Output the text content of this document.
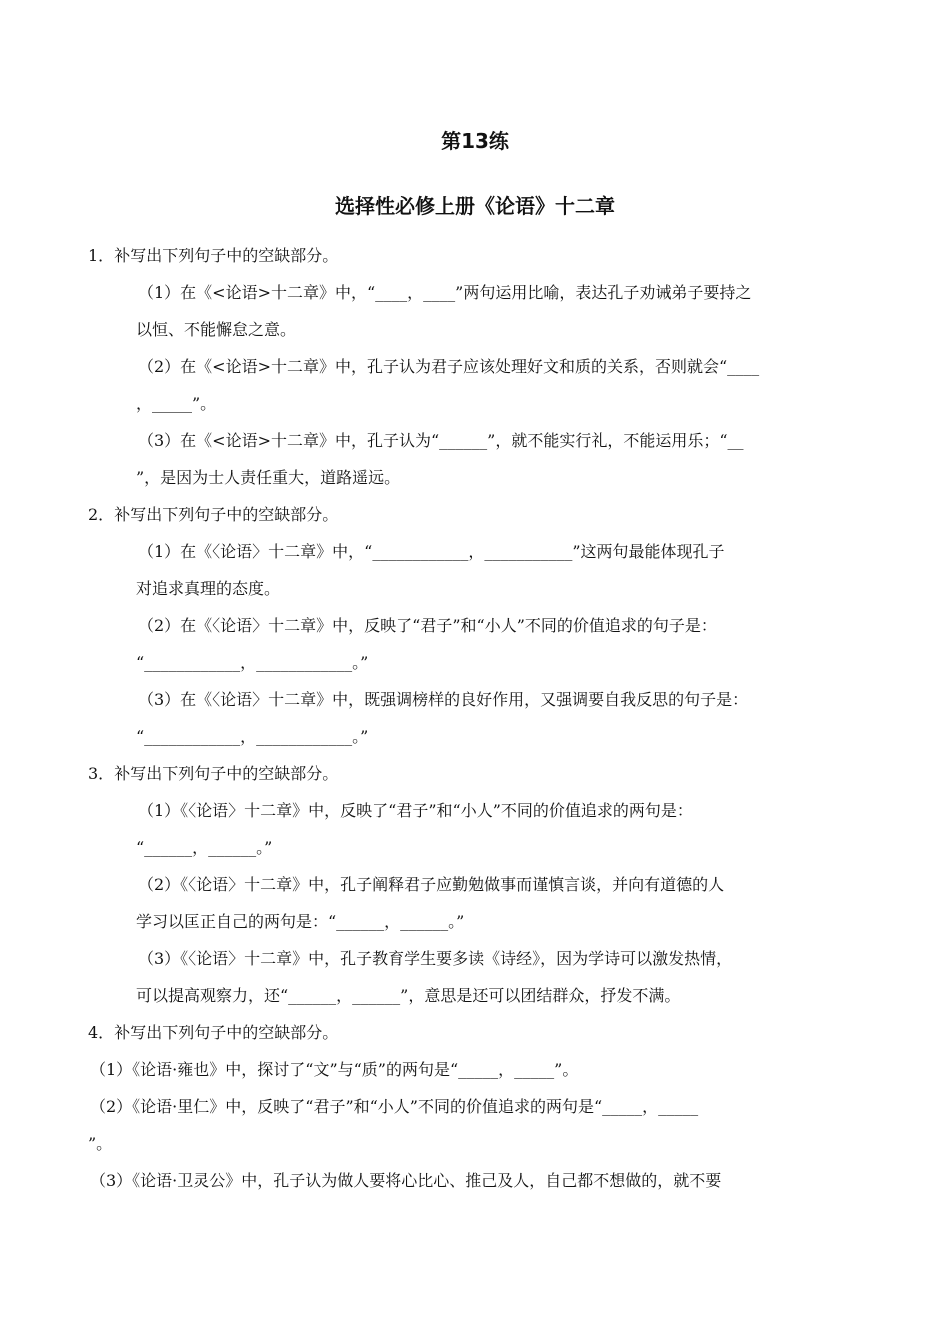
第13练
选择性必修上册《论语》十二章
1．补写出下列句子中的空缺部分。
（1）在《<论语>十二章》中，“____，____”两句运用比喻，表达孔子劝诫弟子要持之
以恒、不能懈怠之意。
（2）在《<论语>十二章》中，孔子认为君子应该处理好文和质的关系，否则就会“____
，_____”。
（3）在《<论语>十二章》中，孔子认为“______”，就不能实行礼，不能运用乐；“__
”，是因为士人责任重大，道路遥远。
2．补写出下列句子中的空缺部分。
（1）在《〈论语〉十二章》中，“____________，___________”这两句最能体现孔子
对追求真理的态度。
（2）在《〈论语〉十二章》中，反映了“君子”和“小人”不同的价值追求的句子是：
“____________，____________。”
（3）在《〈论语〉十二章》中，既强调榜样的良好作用，又强调要自我反思的句子是：
“____________，____________。”
3．补写出下列句子中的空缺部分。
（1）《〈论语〉十二章》中，反映了“君子”和“小人”不同的价值追求的两句是：
“______，______。”
（2）《〈论语〉十二章》中，孔子阐释君子应勤勉做事而谨慎言谈，并向有道德的人
学习以匡正自己的两句是：“______，______。”
（3）《〈论语〉十二章》中，孔子教育学生要多读《诗经》，因为学诗可以激发热情，
可以提高观察力，还“______，______”，意思是还可以团结群众，抒发不满。
4．补写出下列句子中的空缺部分。
（1）《论语·雍也》中，探讨了“文”与“质”的两句是“_____，_____”。
（2）《论语·里仁》中，反映了“君子”和“小人”不同的价值追求的两句是“_____，_____
”。
（3）《论语·卫灵公》中，孔子认为做人要将心比心、推己及人，自己都不想做的，就不要
